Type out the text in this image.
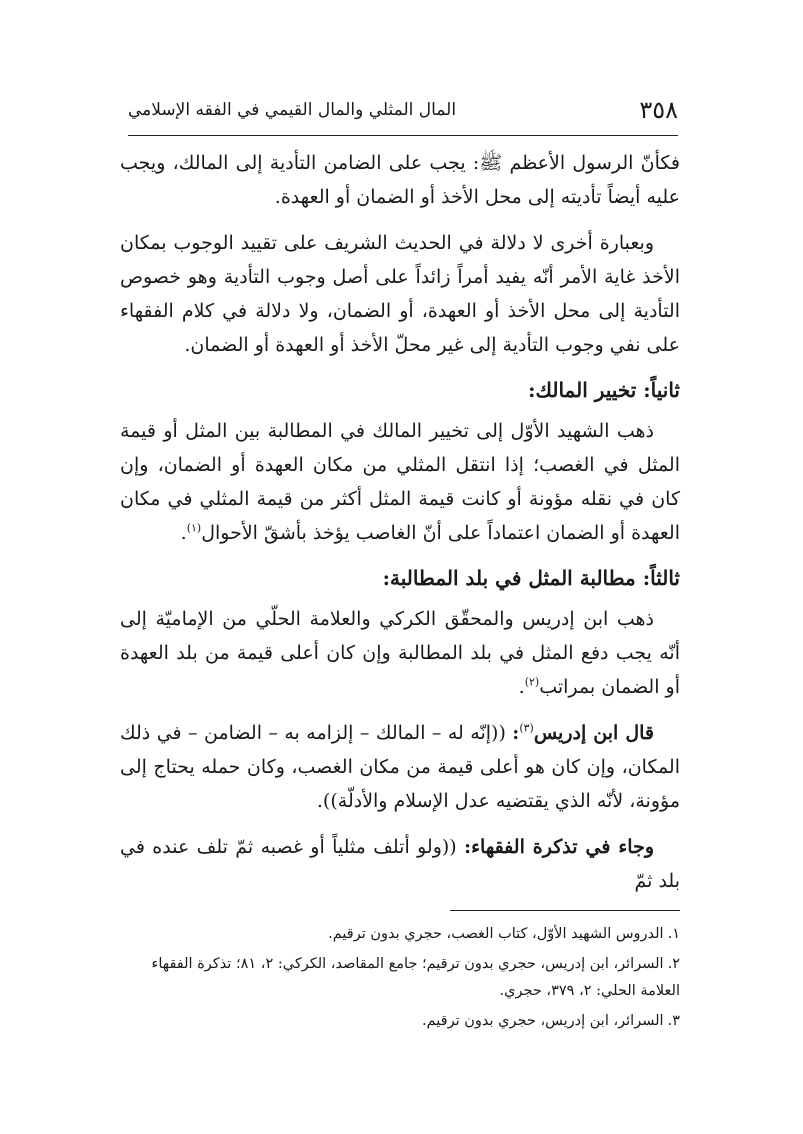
٣٥٨
المال المثلي والمال القيمي في الفقه الإسلامي

فكأنّ الرسول الأعظم ﷺ: يجب على الضامن التأدية إلى المالك، ويجب عليه أيضاً تأديته إلى محل الأخذ أو الضمان أو العهدة.

وبعبارة أخرى لا دلالة في الحديث الشريف على تقييد الوجوب بمكان الأخذ غاية الأمر أنّه يفيد أمراً زائداً على أصل وجوب التأدية وهو خصوص التأدية إلى محل الأخذ أو العهدة، أو الضمان، ولا دلالة في كلام الفقهاء على نفي وجوب التأدية إلى غير محلّ الأخذ أو العهدة أو الضمان.

ثانياً: تخيير المالك:

ذهب الشهيد الأوّل إلى تخيير المالك في المطالبة بين المثل أو قيمة المثل في الغصب؛ إذا انتقل المثلي من مكان العهدة أو الضمان، وإن كان في نقله مؤونة أو كانت قيمة المثل أكثر من قيمة المثلي في مكان العهدة أو الضمان اعتماداً على أنّ الغاصب يؤخذ بأشقّ الأحوال$^{(١)}$.

ثالثاً: مطالبة المثل في بلد المطالبة:

ذهب ابن إدريس والمحقّق الكركي والعلامة الحلّي من الإماميّة إلى أنّه يجب دفع المثل في بلد المطالبة وإن كان أعلى قيمة من بلد العهدة أو الضمان بمراتب$^{(٢)}$.

قال ابن إدريس$^{(٣)}$: ((إنّه له – المالك – إلزامه به – الضامن – في ذلك المكان، وإن كان هو أعلى قيمة من مكان الغصب، وكان حمله يحتاج إلى مؤونة، لأنّه الذي يقتضيه عدل الإسلام والأدلّة)).

وجاء في تذكرة الفقهاء: ((ولو أتلف مثلياً أو غصبه ثمّ تلف عنده في بلد ثمّ

١.الدروس الشهيد الأوّل، كتاب الغصب، حجري بدون ترقيم.
٢.السرائر، ابن إدريس، حجري بدون ترقيم؛ جامع المقاصد، الكركي: ٢، ٨١؛ تذكرة الفقهاء العلامة الحلي: ٢، ٣٧٩، حجري.
٣.السرائر، ابن إدريس، حجري بدون ترقيم.
